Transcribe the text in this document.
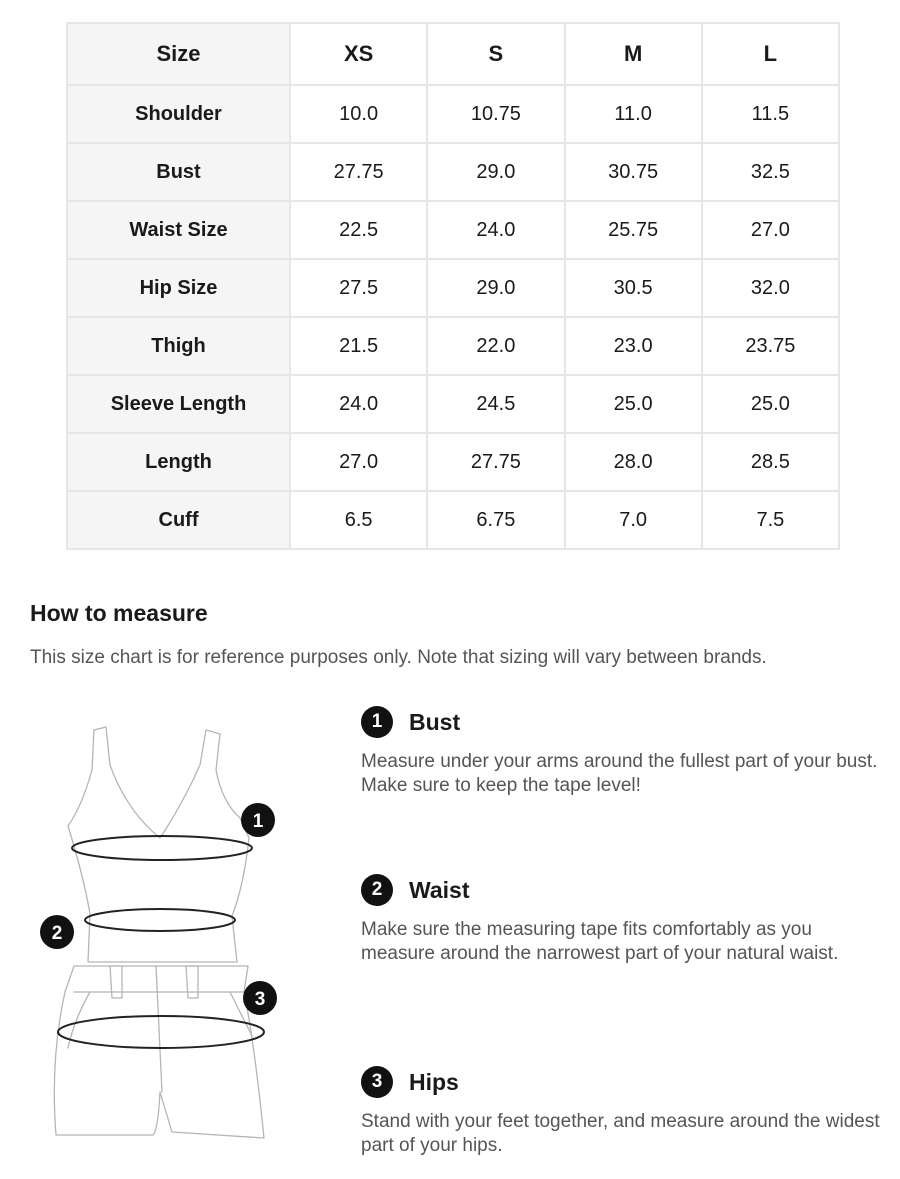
Size	XS	S	M	L
Shoulder	10.0	10.75	11.0	11.5
Bust	27.75	29.0	30.75	32.5
Waist Size	22.5	24.0	25.75	27.0
Hip Size	27.5	29.0	30.5	32.0
Thigh	21.5	22.0	23.0	23.75
Sleeve Length	24.0	24.5	25.0	25.0
Length	27.0	27.75	28.0	28.5
Cuff	6.5	6.75	7.0	7.5
How to measure

This size chart is for reference purposes only. Note that sizing will vary between brands.

1
2
3
1	Bust

Measure under your arms around the fullest part of your bust. Make sure to keep the tape level!

2	Waist

Make sure the measuring tape fits comfortably as you measure around the narrowest part of your natural waist.

3	Hips

Stand with your feet together, and measure around the widest part of your hips.
